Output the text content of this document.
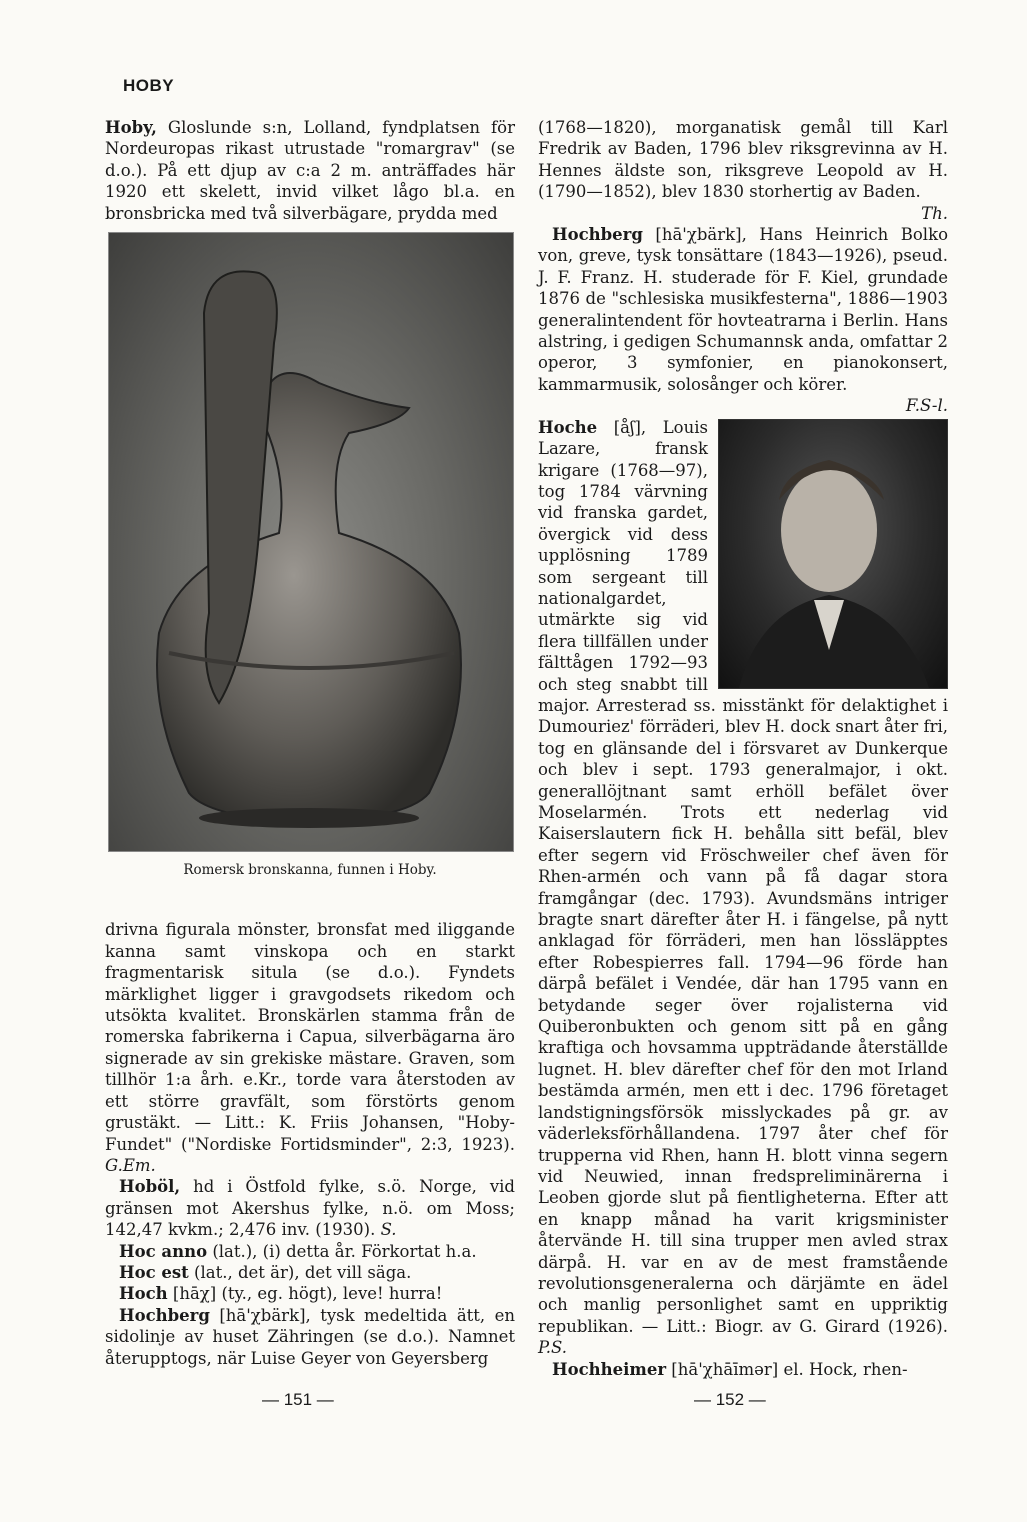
HOBY

Hoby, Gloslunde s:n, Lolland, fyndplatsen för Nordeuropas rikast utrustade "romargrav" (se d.o.). På ett djup av c:a 2 m. anträffades här 1920 ett skelett, invid vilket lågo bl.a. en bronsbricka med två silverbägare, prydda med

Romersk bronskanna, funnen i Hoby.

drivna figurala mönster, bronsfat med iliggande kanna samt vinskopa och en starkt fragmentarisk situla (se d.o.). Fyndets märklighet ligger i gravgodsets rikedom och utsökta kvalitet. Bronskärlen stamma från de romerska fabrikerna i Capua, silverbägarna äro signerade av sin grekiske mästare. Graven, som tillhör 1:a årh. e.Kr., torde vara återstoden av ett större gravfält, som förstörts genom grustäkt. — Litt.: K. Friis Johansen, "Hoby-Fundet" ("Nordiske Fortidsminder", 2:3, 1923). G.Em.

Hoböl, hd i Östfold fylke, s.ö. Norge, vid gränsen mot Akershus fylke, n.ö. om Moss; 142,47 kvkm.; 2,476 inv. (1930). S.

Hoc anno (lat.), (i) detta år. Förkortat h.a.

Hoc est (lat., det är), det vill säga.

Hoch [hāχ] (ty., eg. högt), leve! hurra!

Hochberg [hā'χbärk], tysk medeltida ätt, en sidolinje av huset Zähringen (se d.o.). Namnet återupptogs, när Luise Geyer von Geyersberg

(1768—1820), morganatisk gemål till Karl Fredrik av Baden, 1796 blev riksgrevinna av H. Hennes äldste son, riksgreve Leopold av H. (1790—1852), blev 1830 storhertig av Baden.
Th.

Hochberg [hā'χbärk], Hans Heinrich Bolko von, greve, tysk tonsättare (1843—1926), pseud. J. F. Franz. H. studerade för F. Kiel, grundade 1876 de "schlesiska musikfesterna", 1886—1903 generalintendent för hovteatrarna i Berlin. Hans alstring, i gedigen Schumannsk anda, omfattar 2 operor, 3 symfonier, en pianokonsert, kammarmusik, solosånger och körer.
F.S-l.

Hoche [åʃ], Louis Lazare, fransk krigare (1768—97), tog 1784 värvning vid franska gardet, övergick vid dess upplösning 1789 som sergeant till nationalgardet, utmärkte sig vid flera tillfällen under fälttågen 1792—93 och steg snabbt till major. Arresterad ss. misstänkt för delaktighet i Dumouriez' förräderi, blev H. dock snart åter fri, tog en glänsande del i försvaret av Dunkerque och blev i sept. 1793 generalmajor, i okt. generallöjtnant samt erhöll befälet över Moselarmén. Trots ett nederlag vid Kaiserslautern fick H. behålla sitt befäl, blev efter segern vid Fröschweiler chef även för Rhen-armén och vann på få dagar stora framgångar (dec. 1793). Avundsmäns intriger bragte snart därefter åter H. i fängelse, på nytt anklagad för förräderi, men han lössläpptes efter Robespierres fall. 1794—96 förde han därpå befälet i Vendée, där han 1795 vann en betydande seger över rojalisterna vid Quiberonbukten och genom sitt på en gång kraftiga och hovsamma uppträdande återställde lugnet. H. blev därefter chef för den mot Irland bestämda armén, men ett i dec. 1796 företaget landstigningsförsök misslyckades på gr. av väderleksförhållandena. 1797 åter chef för trupperna vid Rhen, hann H. blott vinna segern vid Neuwied, innan fredspreliminärerna i Leoben gjorde slut på fientligheterna. Efter att en knapp månad ha varit krigsminister återvände H. till sina trupper men avled strax därpå. H. var en av de mest framstående revolutionsgeneralerna och därjämte en ädel och manlig personlighet samt en uppriktig republikan. — Litt.: Biogr. av G. Girard (1926). P.S.

Hochheimer [hā'χhāīmər] el. Hock, rhen-

— 151 —	— 152 —
